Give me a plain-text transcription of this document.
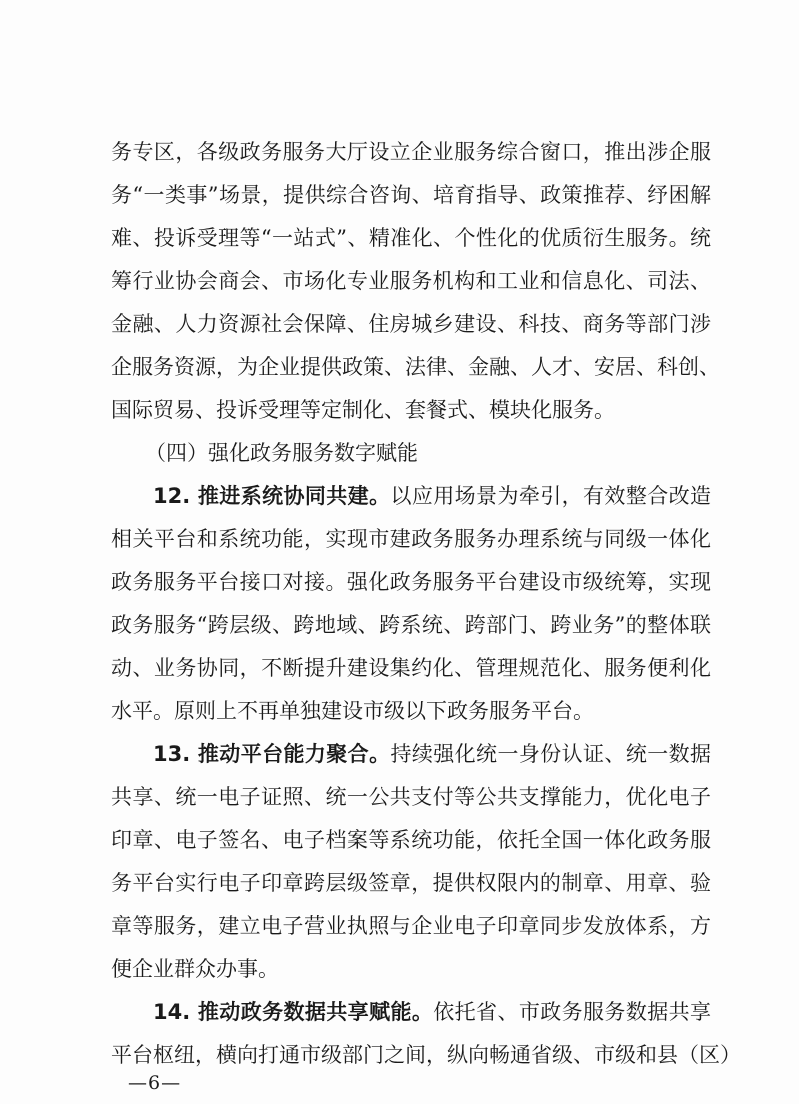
务专区，各级政务服务大厅设立企业服务综合窗口，推出涉企服
务“一类事”场景，提供综合咨询、培育指导、政策推荐、纾困解
难、投诉受理等“一站式”、精准化、个性化的优质衍生服务。统
筹行业协会商会、市场化专业服务机构和工业和信息化、司法、
金融、人力资源社会保障、住房城乡建设、科技、商务等部门涉
企服务资源，为企业提供政策、法律、金融、人才、安居、科创、
国际贸易、投诉受理等定制化、套餐式、模块化服务。
（四）强化政务服务数字赋能
12. 推进系统协同共建。以应用场景为牵引，有效整合改造
相关平台和系统功能，实现市建政务服务办理系统与同级一体化
政务服务平台接口对接。强化政务服务平台建设市级统筹，实现
政务服务“跨层级、跨地域、跨系统、跨部门、跨业务”的整体联
动、业务协同，不断提升建设集约化、管理规范化、服务便利化
水平。原则上不再单独建设市级以下政务服务平台。
13. 推动平台能力聚合。持续强化统一身份认证、统一数据
共享、统一电子证照、统一公共支付等公共支撑能力，优化电子
印章、电子签名、电子档案等系统功能，依托全国一体化政务服
务平台实行电子印章跨层级签章，提供权限内的制章、用章、验
章等服务，建立电子营业执照与企业电子印章同步发放体系，方
便企业群众办事。
14. 推动政务数据共享赋能。依托省、市政务服务数据共享
平台枢纽，横向打通市级部门之间，纵向畅通省级、市级和县（区）
—6—
